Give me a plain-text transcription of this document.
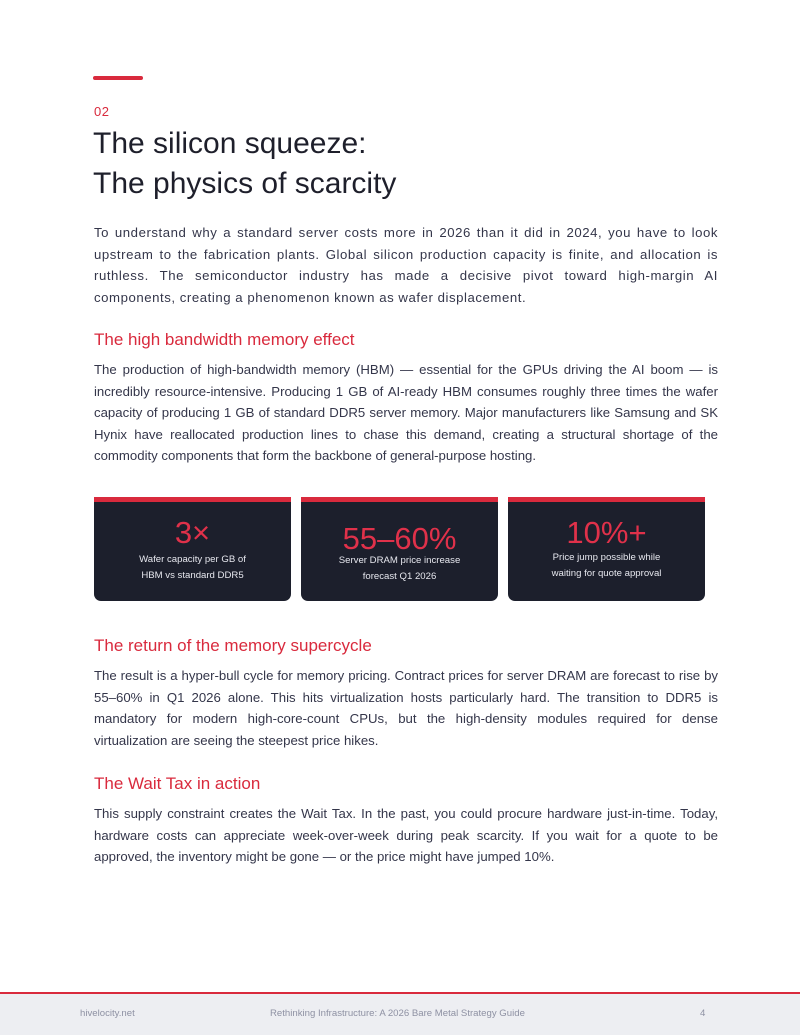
02
The silicon squeeze:
The physics of scarcity

To understand why a standard server costs more in 2026 than it did in 2024, you have to look upstream to the fabrication plants. Global silicon production capacity is finite, and allocation is ruthless. The semiconductor industry has made a decisive pivot toward high-margin AI components, creating a phenomenon known as wafer displacement.

The high bandwidth memory effect

The production of high-bandwidth memory (HBM) — essential for the GPUs driving the AI boom — is incredibly resource-intensive. Producing 1 GB of AI-ready HBM consumes roughly three times the wafer capacity of producing 1 GB of standard DDR5 server memory. Major manufacturers like Samsung and SK Hynix have reallocated production lines to chase this demand, creating a structural shortage of the commodity components that form the backbone of general-purpose hosting.

3×
Wafer capacity per GB of HBM vs standard DDR5
55–60%
Server DRAM price increase forecast Q1 2026
10%+
Price jump possible while waiting for quote approval
The return of the memory supercycle

The result is a hyper-bull cycle for memory pricing. Contract prices for server DRAM are forecast to rise by 55–60% in Q1 2026 alone. This hits virtualization hosts particularly hard. The transition to DDR5 is mandatory for modern high-core-count CPUs, but the high-density modules required for dense virtualization are seeing the steepest price hikes.

The Wait Tax in action

This supply constraint creates the Wait Tax. In the past, you could procure hardware just-in-time. Today, hardware costs can appreciate week-over-week during peak scarcity. If you wait for a quote to be approved, the inventory might be gone — or the price might have jumped 10%.

hivelocity.net	Rethinking Infrastructure: A 2026 Bare Metal Strategy Guide	4
